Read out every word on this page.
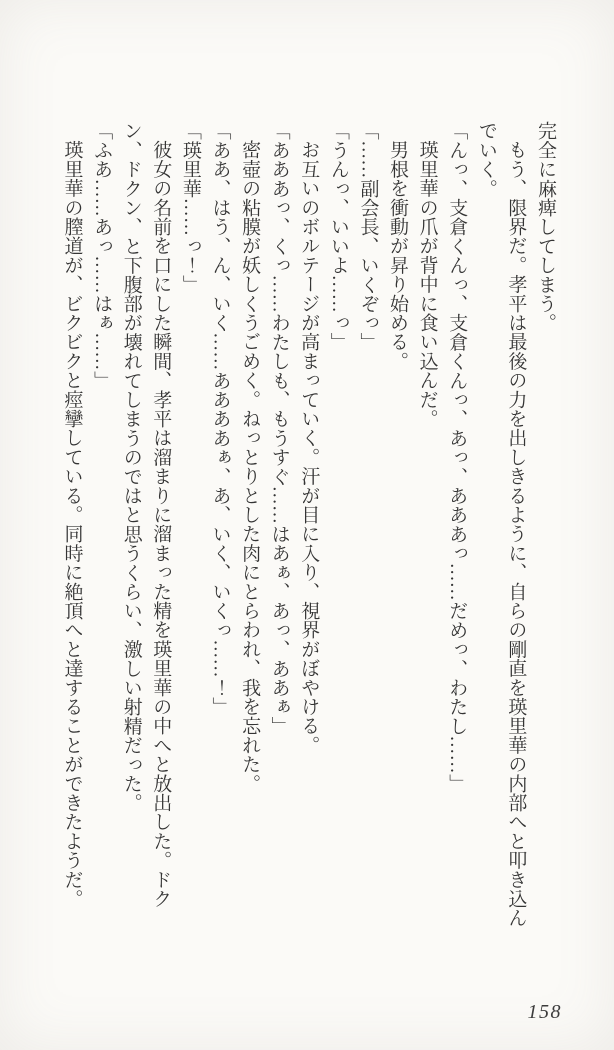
完全に麻痺してしまう。

もう、限界だ。孝平は最後の力を出しきるように、自らの剛直を瑛里華の内部へと叩き込んでいく。

「んっ、支倉くんっ、支倉くんっ、あっ、あああっ……だめっ、わたし……」

瑛里華の爪が背中に食い込んだ。

男根を衝動が昇り始める。

「……副会長、いくぞっ」

「うんっ、いいよ……っ」

お互いのボルテージが高まっていく。汗が目に入り、視界がぼやける。

「あああっ、くっ……わたしも、もうすぐ……はあぁ、あっ、ああぁ」

密壺の粘膜が妖しくうごめく。ねっとりとした肉にとらわれ、我を忘れた。

「ああ、はう、ん、いく……ああああぁ、あ、いく、いくっ……！」

「瑛里華……っ！」

彼女の名前を口にした瞬間、孝平は溜まりに溜まった精を瑛里華の中へと放出した。ドクン、ドクン、と下腹部が壊れてしまうのではと思うくらい、激しい射精だった。

「ふあ……あっ……はぁ……」

瑛里華の膣道が、ビクビクと痙攣している。同時に絶頂へと達することができたようだ。

158
